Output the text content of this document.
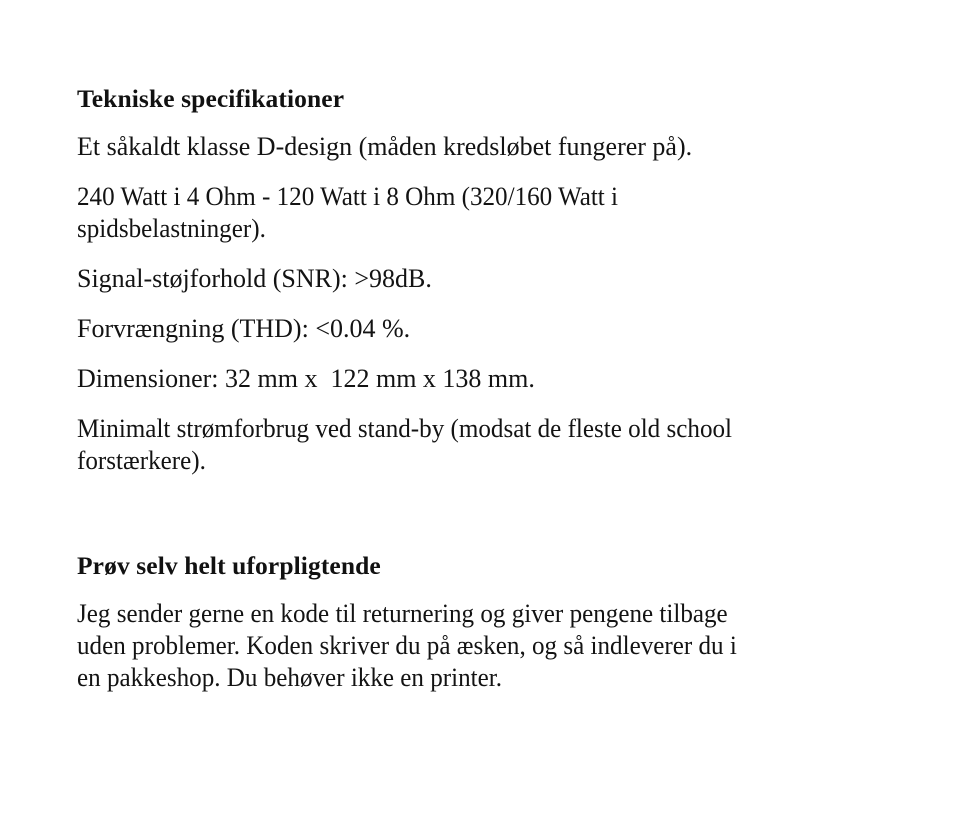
Tekniske specifikationer
Et såkaldt klasse D-design (måden kredsløbet fungerer på).
240 Watt i 4 Ohm - 120 Watt i 8 Ohm (320/160 Watt i
spidsbelastninger).
Signal-støjforhold (SNR): >98dB.
Forvrængning (THD): <0.04 %.
Dimensioner: 32 mm x  122 mm x 138 mm.
Minimalt strømforbrug ved stand-by (modsat de fleste old school
forstærkere).
Prøv selv helt uforpligtende
Jeg sender gerne en kode til returnering og giver pengene tilbage
uden problemer. Koden skriver du på æsken, og så indleverer du i
en pakkeshop. Du behøver ikke en printer.
